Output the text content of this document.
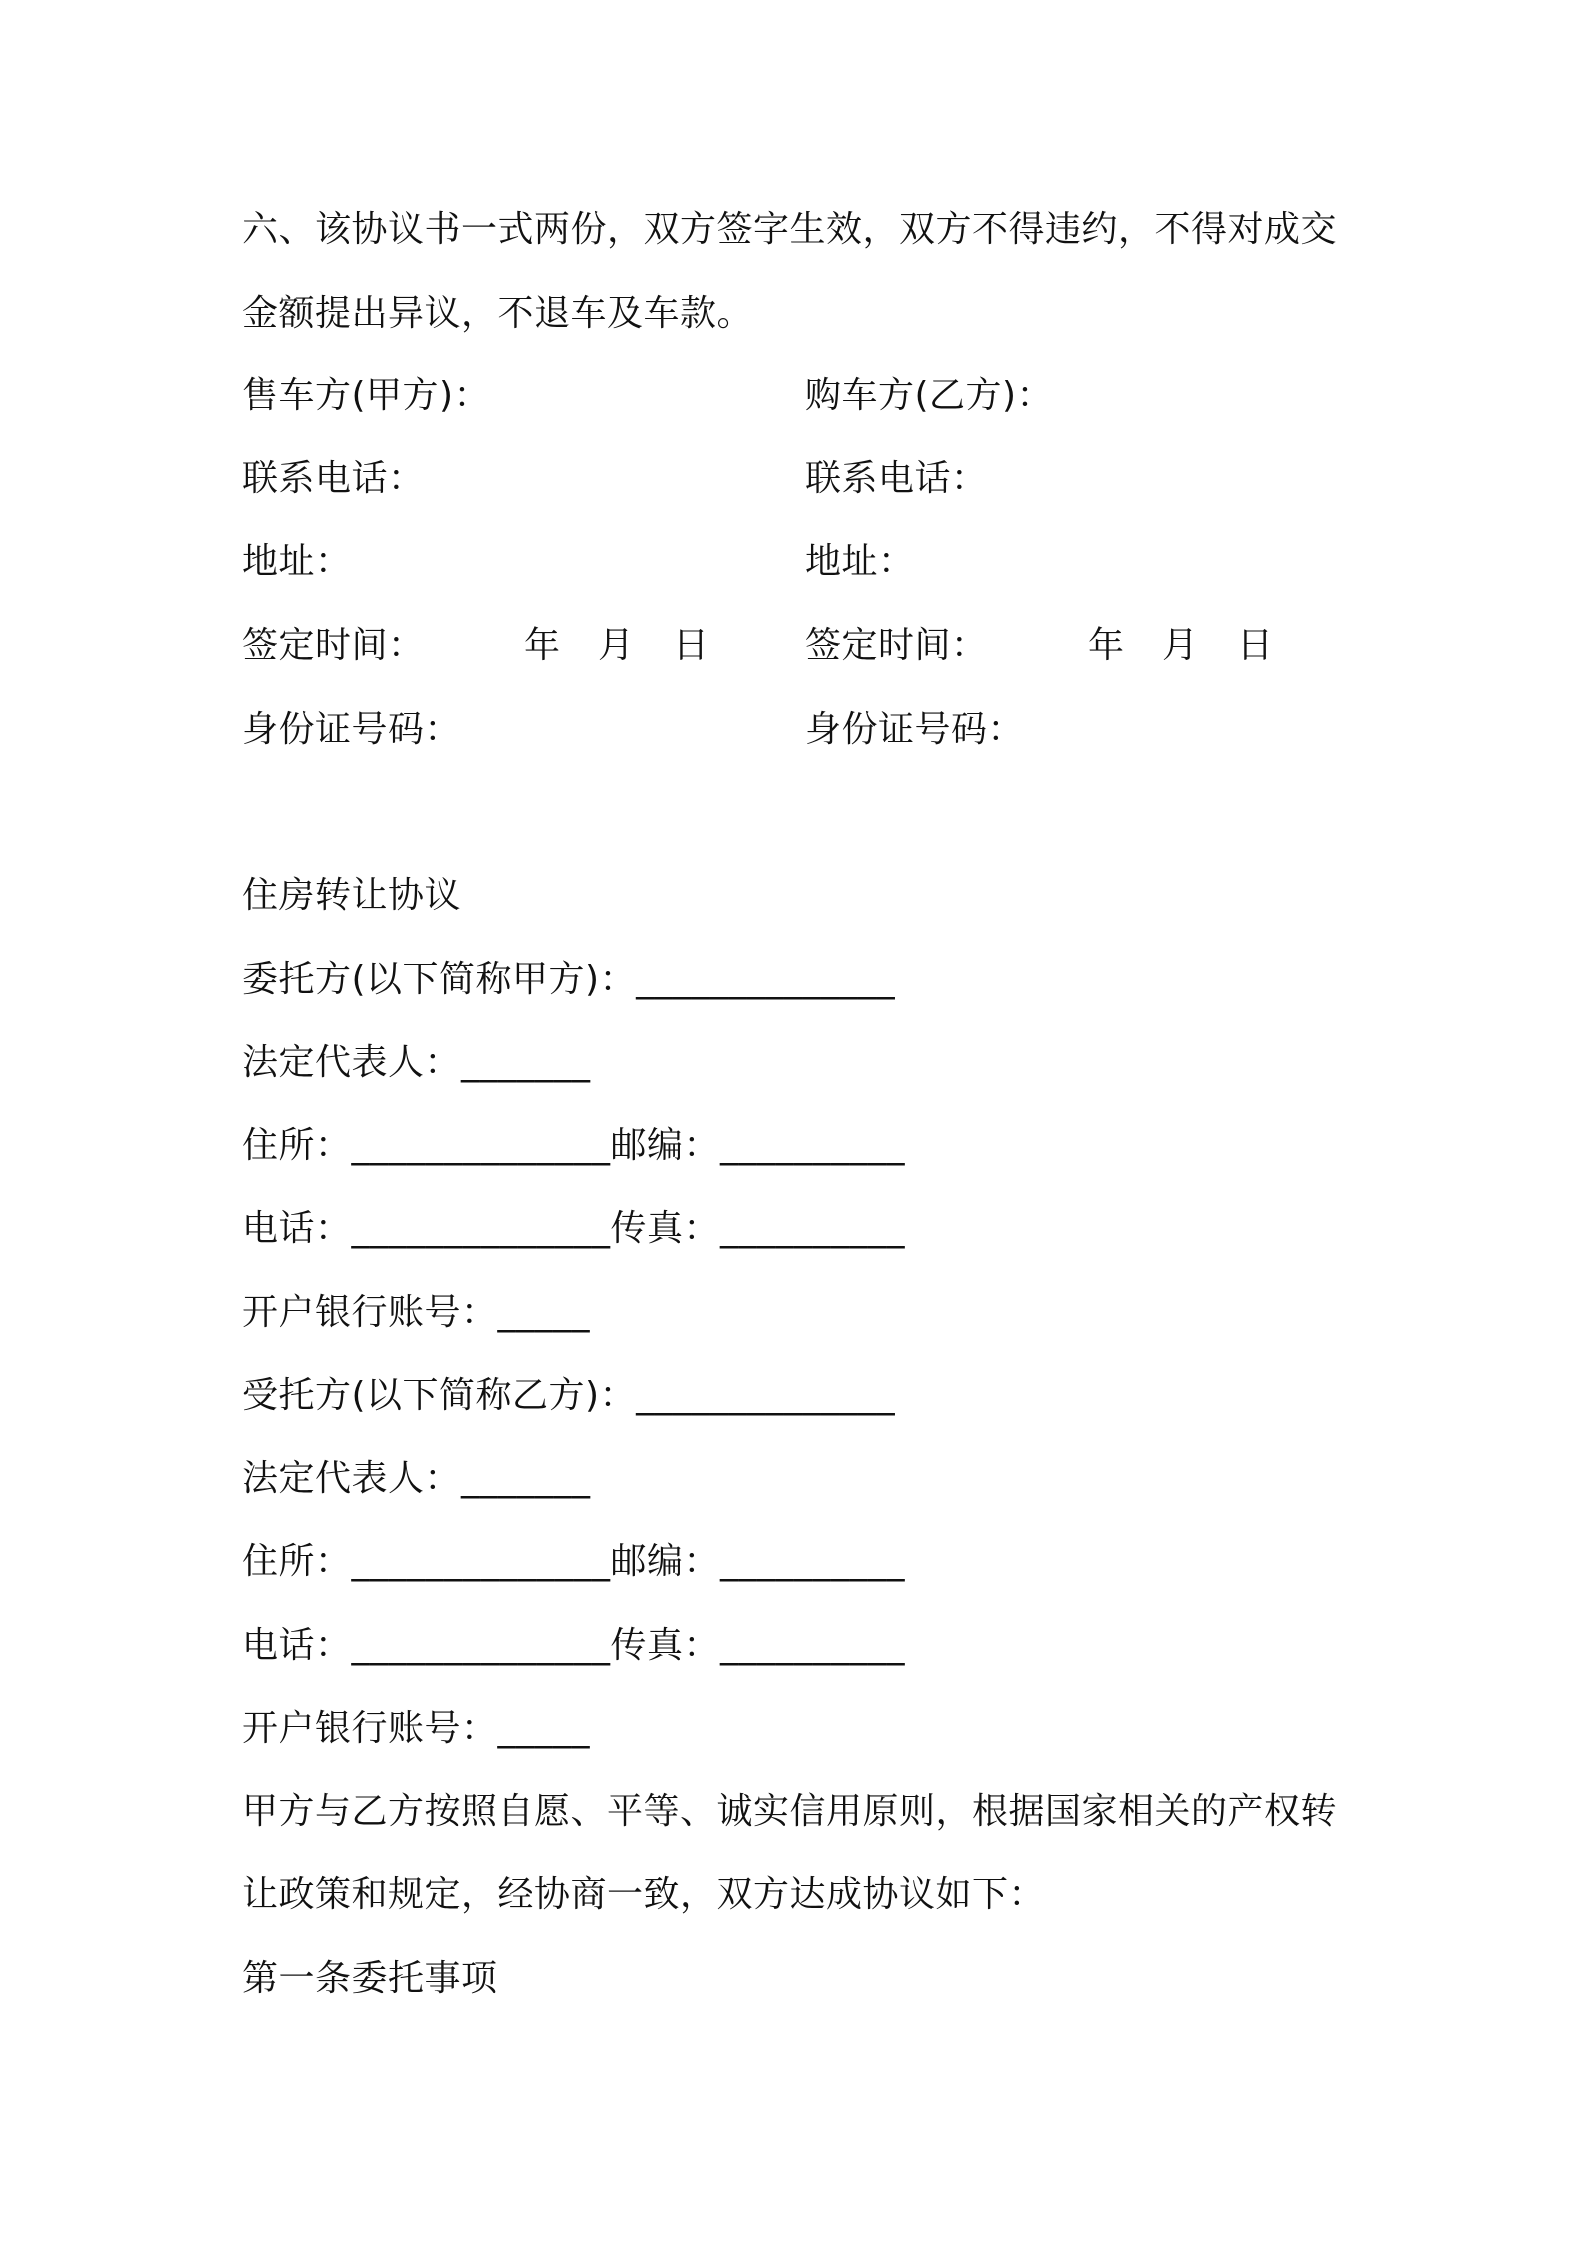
六、该协议书一式两份，双方签字生效，双方不得违约，不得对成交
金额提出异议，不退车及车款。
售车方(甲方)：	购车方(乙方)：
联系电话：	联系电话：
地址：	地址：
签定时间：	年 月 日	签定时间：	年 月 日
身份证号码：	身份证号码：
住房转让协议
委托方(以下简称甲方)：______________
法定代表人：_______
住所：______________邮编：__________
电话：______________传真：__________
开户银行账号：_____
受托方(以下简称乙方)：______________
法定代表人：_______
住所：______________邮编：__________
电话：______________传真：__________
开户银行账号：_____
甲方与乙方按照自愿、平等、诚实信用原则，根据国家相关的产权转
让政策和规定，经协商一致，双方达成协议如下：
第一条委托事项
